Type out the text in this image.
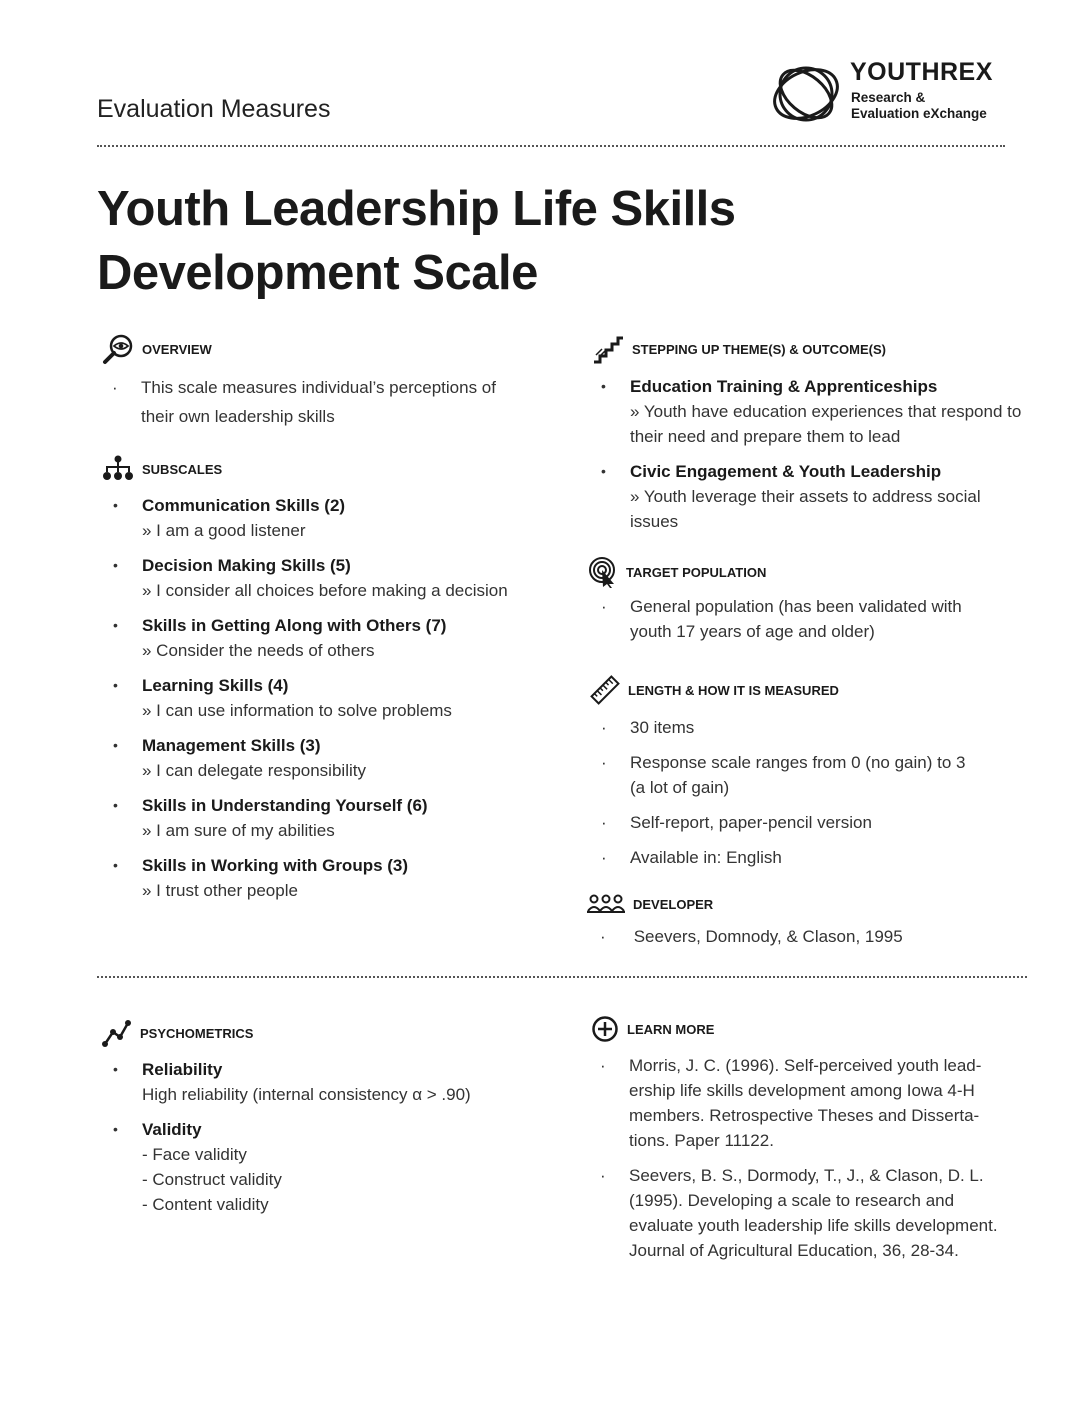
Evaluation Measures
YOUTHREX
Research &
Evaluation eXchange
Youth Leadership Life Skills
Development Scale
OVERVIEW
· This scale measures individual’s perceptions of their own leadership skills
SUBSCALES
• Communication Skills (2)
» I am a good listener
• Decision Making Skills (5)
» I consider all choices before making a decision
• Skills in Getting Along with Others (7)
» Consider the needs of others
• Learning Skills (4)
» I can use information to solve problems
• Management Skills (3)
» I can delegate responsibility
• Skills in Understanding Yourself (6)
» I am sure of my abilities
• Skills in Working with Groups (3)
» I trust other people
STEPPING UP THEME(S) & OUTCOME(S)
• Education Training & Apprenticeships
» Youth have education experiences that respond to their need and prepare them to lead
• Civic Engagement & Youth Leadership
» Youth leverage their assets to address social issues
TARGET POPULATION
· General population (has been validated with youth 17 years of age and older)
LENGTH & HOW IT IS MEASURED
· 30 items
· Response scale ranges from 0 (no gain) to 3 (a lot of gain)
· Self-report, paper-pencil version
· Available in: English
DEVELOPER
·  Seevers, Domnody, & Clason, 1995
PSYCHOMETRICS
• Reliability
High reliability (internal consistency α > .90)
• Validity
- Face validity
- Construct validity
- Content validity
LEARN MORE
· Morris, J. C. (1996). Self-perceived youth lead-ership life skills development among Iowa 4-H members. Retrospective Theses and Disserta-tions. Paper 11122.
· Seevers, B. S., Dormody, T., J., & Clason, D. L. (1995). Developing a scale to research and evaluate youth leadership life skills development. Journal of Agricultural Education, 36, 28-34.
